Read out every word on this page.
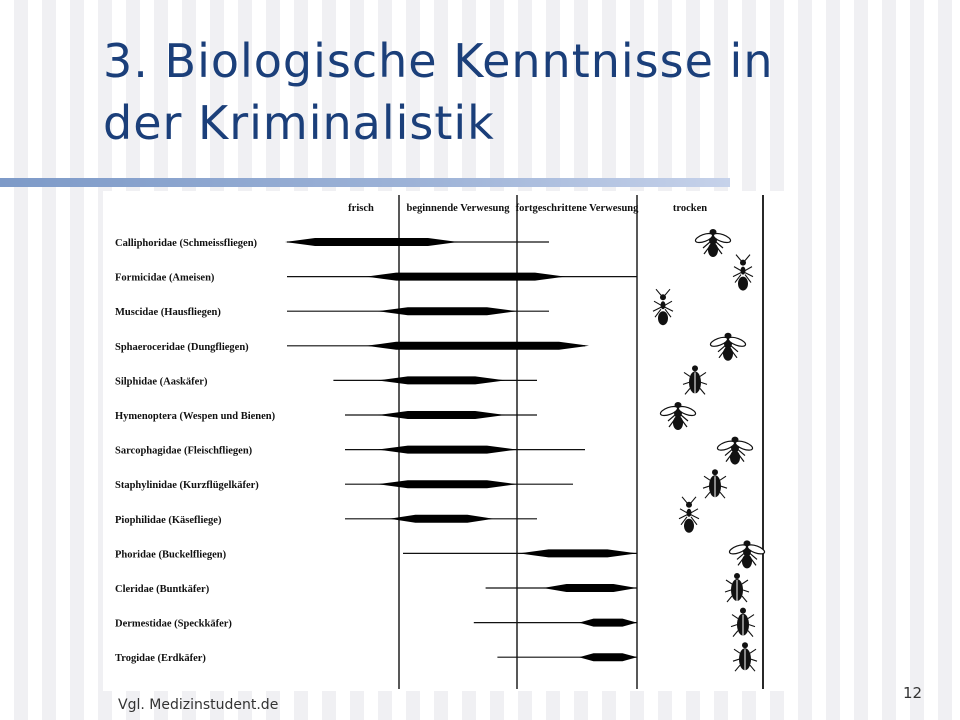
3. Biologische Kenntnisse in
der Kriminalistik
frisch	beginnende Verwesung fortgeschrittene Verwesung	trocken
Calliphoridae (Schmeissfliegen)
Formicidae (Ameisen)
Muscidae (Hausfliegen)
Sphaeroceridae (Dungfliegen)
Silphidae (Aaskäfer)
Hymenoptera (Wespen und Bienen)
Sarcophagidae (Fleischfliegen)
Staphylinidae (Kurzflügelkäfer)
Piophilidae (Käsefliege)
Phoridae (Buckelfliegen)
Cleridae (Buntkäfer)
Dermestidae (Speckkäfer)
Trogidae (Erdkäfer)
Vgl. Medizinstudent.de
12
